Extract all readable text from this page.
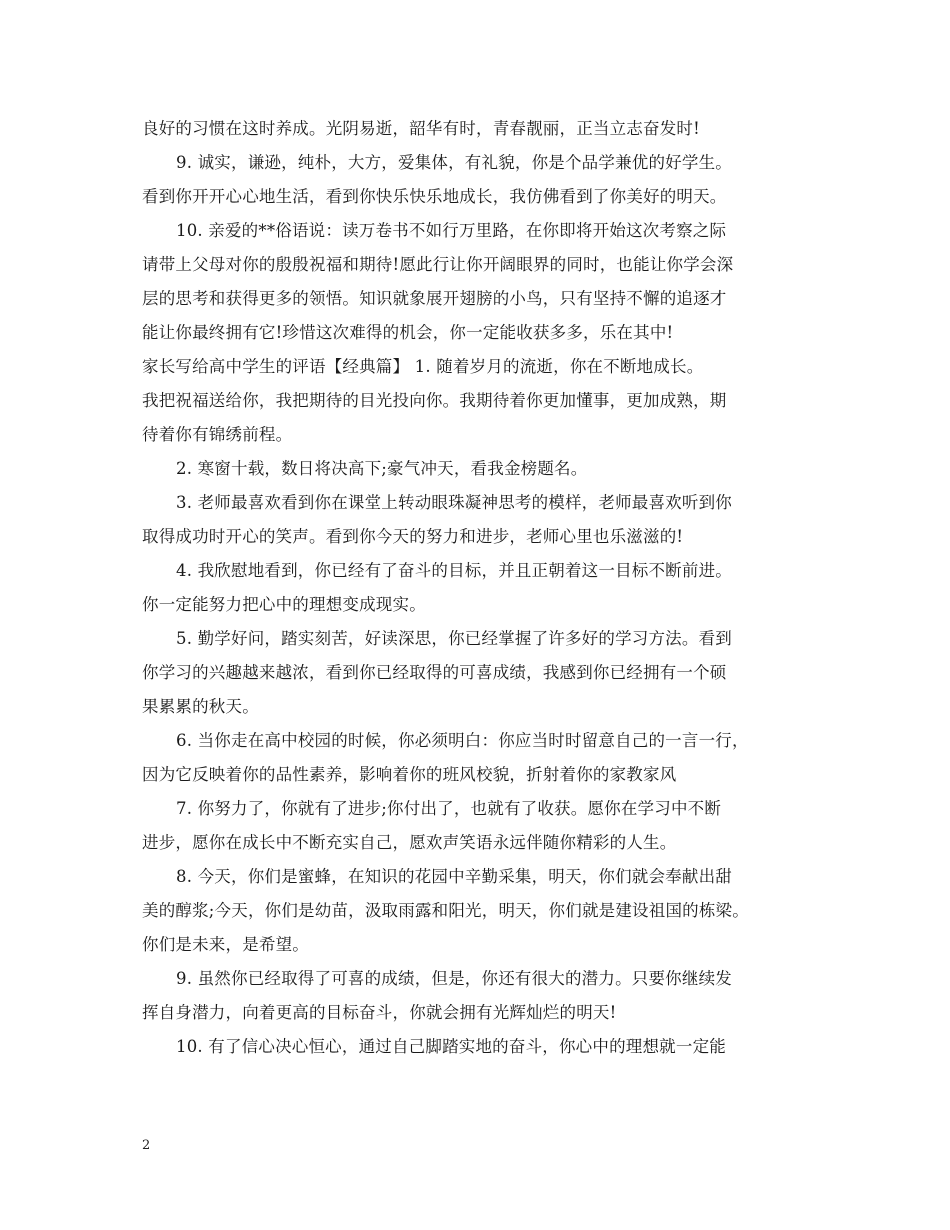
良好的习惯在这时养成。光阴易逝，韶华有时，青春靓丽，正当立志奋发时!
9. 诚实，谦逊，纯朴，大方，爱集体，有礼貌，你是个品学兼优的好学生。
看到你开开心心地生活，看到你快乐快乐地成长，我仿佛看到了你美好的明天。
10. 亲爱的**俗语说：读万卷书不如行万里路，在你即将开始这次考察之际
请带上父母对你的殷殷祝福和期待!愿此行让你开阔眼界的同时，也能让你学会深
层的思考和获得更多的领悟。知识就象展开翅膀的小鸟，只有坚持不懈的追逐才
能让你最终拥有它!珍惜这次难得的机会，你一定能收获多多，乐在其中!
家长写给高中学生的评语【经典篇】 1. 随着岁月的流逝，你在不断地成长。
我把祝福送给你，我把期待的目光投向你。我期待着你更加懂事，更加成熟，期
待着你有锦绣前程。
2. 寒窗十载，数日将决高下;豪气冲天，看我金榜题名。
3. 老师最喜欢看到你在课堂上转动眼珠凝神思考的模样，老师最喜欢听到你
取得成功时开心的笑声。看到你今天的努力和进步，老师心里也乐滋滋的!
4. 我欣慰地看到，你已经有了奋斗的目标，并且正朝着这一目标不断前进。
你一定能努力把心中的理想变成现实。
5. 勤学好问，踏实刻苦，好读深思，你已经掌握了许多好的学习方法。看到
你学习的兴趣越来越浓，看到你已经取得的可喜成绩，我感到你已经拥有一个硕
果累累的秋天。
6. 当你走在高中校园的时候，你必须明白：你应当时时留意自己的一言一行，
因为它反映着你的品性素养，影响着你的班风校貌，折射着你的家教家风
7. 你努力了，你就有了进步;你付出了，也就有了收获。愿你在学习中不断
进步，愿你在成长中不断充实自己，愿欢声笑语永远伴随你精彩的人生。
8. 今天，你们是蜜蜂，在知识的花园中辛勤采集，明天，你们就会奉献出甜
美的醇浆;今天，你们是幼苗，汲取雨露和阳光，明天，你们就是建设祖国的栋梁。
你们是未来，是希望。
9. 虽然你已经取得了可喜的成绩，但是，你还有很大的潜力。只要你继续发
挥自身潜力，向着更高的目标奋斗，你就会拥有光辉灿烂的明天!
10. 有了信心决心恒心，通过自己脚踏实地的奋斗，你心中的理想就一定能
2
